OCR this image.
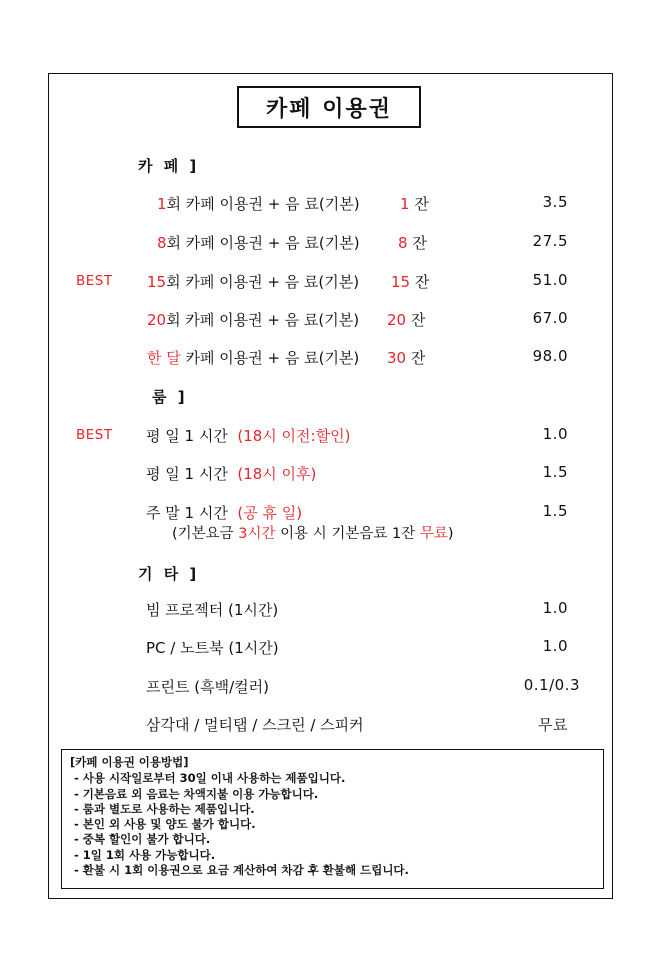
카페 이용권
카 페 ]
1회 카페 이용권 + 음 료(기본)	1 잔	3.5
8회 카페 이용권 + 음 료(기본)	8 잔	27.5
BEST 15회 카페 이용권 + 음 료(기본) 15 잔	51.0
20회 카페 이용권 + 음 료(기본) 20 잔	67.0
한 달 카페 이용권 + 음 료(기본) 30 잔	98.0
룸 ]
BEST 평 일 1 시간 (18시 이전:할인)	1.0
평 일 1 시간 (18시 이후)	1.5
주 말 1 시간 (공 휴 일)	1.5
(기본요금 3시간 이용 시 기본음료 1잔 무료)
기 타 ]
빔 프로젝터 (1시간)	1.0
PC / 노트북 (1시간)	1.0
프린트 (흑백/컬러)	0.1/0.3
삼각대 / 멀티탭 / 스크린 / 스피커	무료
[카페 이용권 이용방법]
- 사용 시작일로부터 30일 이내 사용하는 제품입니다.
- 기본음료 외 음료는 차액지불 이용 가능합니다.
- 룸과 별도로 사용하는 제품입니다.
- 본인 외 사용 및 양도 불가 합니다.
- 중복 할인이 불가 합니다.
- 1일 1회 사용 가능합니다.
- 환불 시 1회 이용권으로 요금 계산하여 차감 후 환불해 드립니다.
